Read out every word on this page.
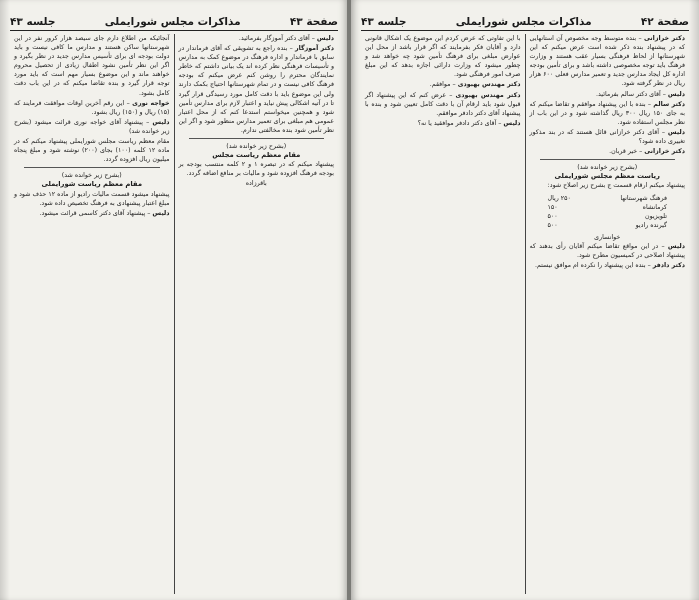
صفحة ۴۳
مذاکرات مجلس شورایملی
جلسه ۴۳

دلیس – آقای دکتر آموزگار بفرمائید.

دکتر آموزگار – بنده راجع به تشویقی که آقای فرماندار در سابق با فرماندار و اداره فرهنگ در موضوع کمک به مدارس و تأسیسات فرهنگی نظر کرده اند یک بیانی داشتم که خاطر نمایندگان محترم را روشن کنم عرض میکنم که بودجه فرهنگ کافی نیست و در تمام شهرستانها احتیاج بکمک دارند ولی این موضوع باید با دقت کامل مورد رسیدگی قرار گیرد تا در آتیه اشکالی پیش نیاید و اعتبار لازم برای مدارس تأمین شود و همچنین میخواستم استدعا کنم که از محل اعتبار عمومی هم مبلغی برای تعمیر مدارس منظور شود و اگر این نظر تأمین شود بنده مخالفتی ندارم.

(بشرح زیر خوانده شد)
مقام معظم ریاست مجلس

پیشنهاد میکنم که در تبصره ۱ و ۲ کلمه منتسب بودجه بر بودجه فرهنگ افزوده شود و مالیات بر منافع اضافه گردد.

باقرزاده

آنجائیکه من اطلاع دارم جای سیصد هزار کرور نفر در این شهرستانها ساکن هستند و مدارس ما کافی نیست و باید دولت بودجه ای برای تأسیس مدارس جدید در نظر بگیرد و اگر این نظر تأمین نشود اطفال زیادی از تحصیل محروم خواهند ماند و این موضوع بسیار مهم است که باید مورد توجه قرار گیرد و بنده تقاضا میکنم که در این باب دقت کامل بشود.

خواجه نوری – این رقم آخرین اوقات موافقت فرمایند که (۱۵) ریال و (۱۵۰) ریال بشود.

دلیس – پیشنهاد آقای خواجه نوری قرائت میشود (بشرح زیر خوانده شد)

مقام معظم ریاست مجلس شورایملی پیشنهاد میکنم که در ماده ۱۲ کلمه (۱۰۰) بجای (۲۰۰) نوشته شود و مبلغ پنجاه میلیون ریال افزوده گردد.

(بشرح زیر خوانده شد)
مقام معظم ریاست شورایملی

پیشنهاد میشود قسمت مالیات رادیو از ماده ۱۲ حذف شود و مبلغ اعتبار پیشنهادی به فرهنگ تخصیص داده شود.

دلیس – پیشنهاد آقای دکتر کاسمی قرائت میشود.

صفحة ۴۲
مذاکرات مجلس شورایملی
جلسه ۴۳

دکتر خرازانی – بنده متوسط وجه مخصوص آن استانهایی که در پیشنهاد بنده ذکر شده است عرض میکنم که این شهرستانها از لحاظ فرهنگی بسیار عقب هستند و وزارت فرهنگ باید توجه مخصوصی داشته باشد و برای تأمین بودجه اداره کل ایجاد مدارس جدید و تعمیر مدارس فعلی ۶۰۰ هزار ریال در نظر گرفته شود.

دلیس – آقای دکتر سالم بفرمائید.

دکتر سالم – بنده با این پیشنهاد موافقم و تقاضا میکنم که به جای ۱۵۰ ریال ۳۰۰ ریال گذاشته شود و در این باب از نظر مجلس استفاده شود.

دلیس – آقای دکتر خرازانی قائل هستند که در بند مذکور تغییری داده شود؟

دکتر خرازانی – خیر قربان.

(بشرح زیر خوانده شد)
ریاست معظم مجلس شورایملی

پیشنهاد میکنم ارقام قسمت ج بشرح زیر اصلاح شود:

فرهنگ شهرستانها
۲۵۰ ریال
کرمانشاه
۱۵۰
تلویزیون
۵۰۰
گیرنده رادیو
۵۰۰
خوانساری

دلیس – در این مواقع تقاضا میکنم آقایان رأی بدهند که پیشنهاد اصلاحی در کمیسیون مطرح شود.

دکتر دادفر – بنده این پیشنهاد را نکرده ام موافق نیستم.

با این تفاوتی که عرض کردم این موضوع یک اشکال قانونی دارد و آقایان فکر بفرمایند که اگر قرار باشد از محل این عوارض مبلغی برای فرهنگ تأمین شود چه خواهد شد و چطور میشود که وزارت دارائی اجازه بدهد که این مبلغ صرف امور فرهنگی شود.

دکتر مهندس بهبودی – موافقم.

دکتر مهندس بهبودی – عرض کنم که این پیشنهاد اگر قبول شود باید ارقام آن با دقت کامل تعیین شود و بنده با پیشنهاد آقای دکتر دادفر موافقم.

دلیس – آقای دکتر دادفر موافقید یا نه؟
